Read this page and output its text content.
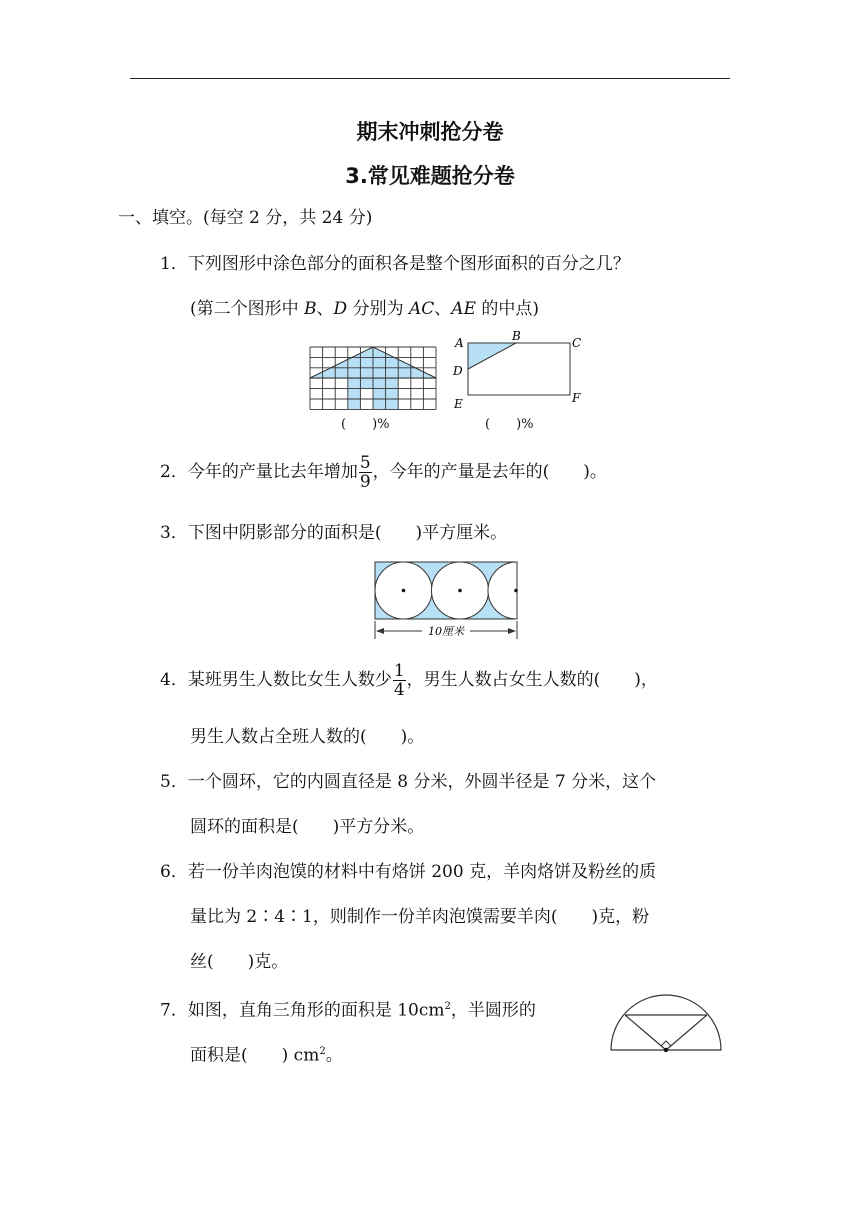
期末冲刺抢分卷
3.常见难题抢分卷
一、填空。(每空 2 分，共 24 分)
1．下列图形中涂色部分的面积各是整个图形面积的百分之几？
(第二个图形中 B、D 分别为 AC、AE 的中点)
(　　)%
A	B	C
D
E	F
(　　)%
2．今年的产量比去年增加 $\frac{5}{9}$ ，今年的产量是去年的(　　)。
3．下图中阴影部分的面积是(　　)平方厘米。
10厘米
4．某班男生人数比女生人数少 $\frac{1}{4}$ ，男生人数占女生人数的(　　)，
男生人数占全班人数的(　　)。
5．一个圆环，它的内圆直径是 8 分米，外圆半径是 7 分米，这个
圆环的面积是(　　)平方分米。
6．若一份羊肉泡馍的材料中有烙饼 200 克，羊肉烙饼及粉丝的质
量比为 2∶4∶1，则制作一份羊肉泡馍需要羊肉(　　)克，粉
丝(　　)克。
7．如图，直角三角形的面积是 $10cm^2$，半圆形的
面积是(　　) $cm^2$。
